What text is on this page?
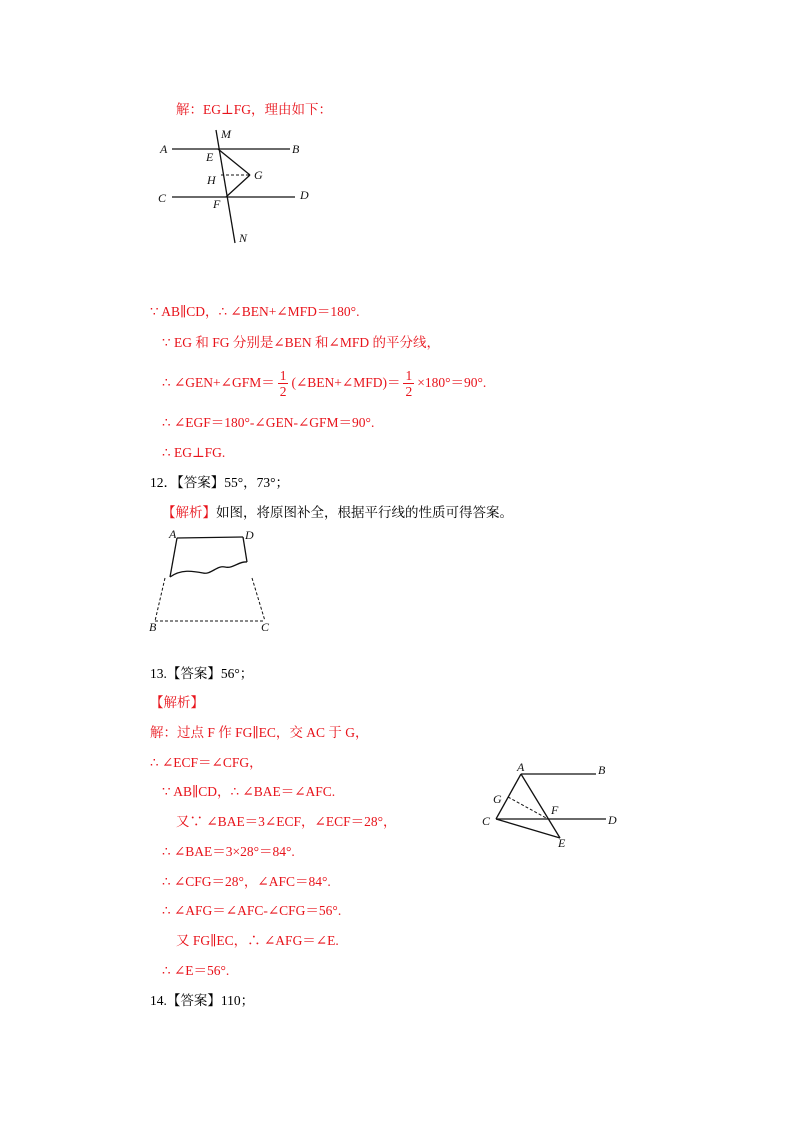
解：EG⊥FG，理由如下：
A	B
C	D
M
E
G
H
F
N
∵ AB∥CD，∴ ∠BEN+∠MFD＝180°.
∵ EG 和 FG 分别是∠BEN 和∠MFD 的平分线，
∴ ∠GEN+∠GFM＝ $\frac{1}{2}$ (∠BEN+∠MFD)＝ $\frac{1}{2} \times 180^\circ=90^\circ$.
∴ ∠EGF＝180°-∠GEN-∠GFM＝90°.
∴ EG⊥FG.
12．【答案】55°，73°；
【解析】如图，将原图补全，根据平行线的性质可得答案。
A	D
B	C
13.【答案】56°；
【解析】
解：过点 F 作 FG∥EC，交 AC 于 G，
∴ ∠ECF＝∠CFG，
∵ AB∥CD，∴ ∠BAE＝∠AFC.
又∵ ∠BAE＝3∠ECF，∠ECF＝28°，
∴ ∠BAE＝3×28°＝84°.
∴ ∠CFG＝28°，∠AFC＝84°.
∴ ∠AFG＝∠AFC-∠CFG＝56°.
又 FG∥EC，∴ ∠AFG＝∠E.
∴ ∠E＝56°.
A	B
G
F
C	D
E
14.【答案】110；
